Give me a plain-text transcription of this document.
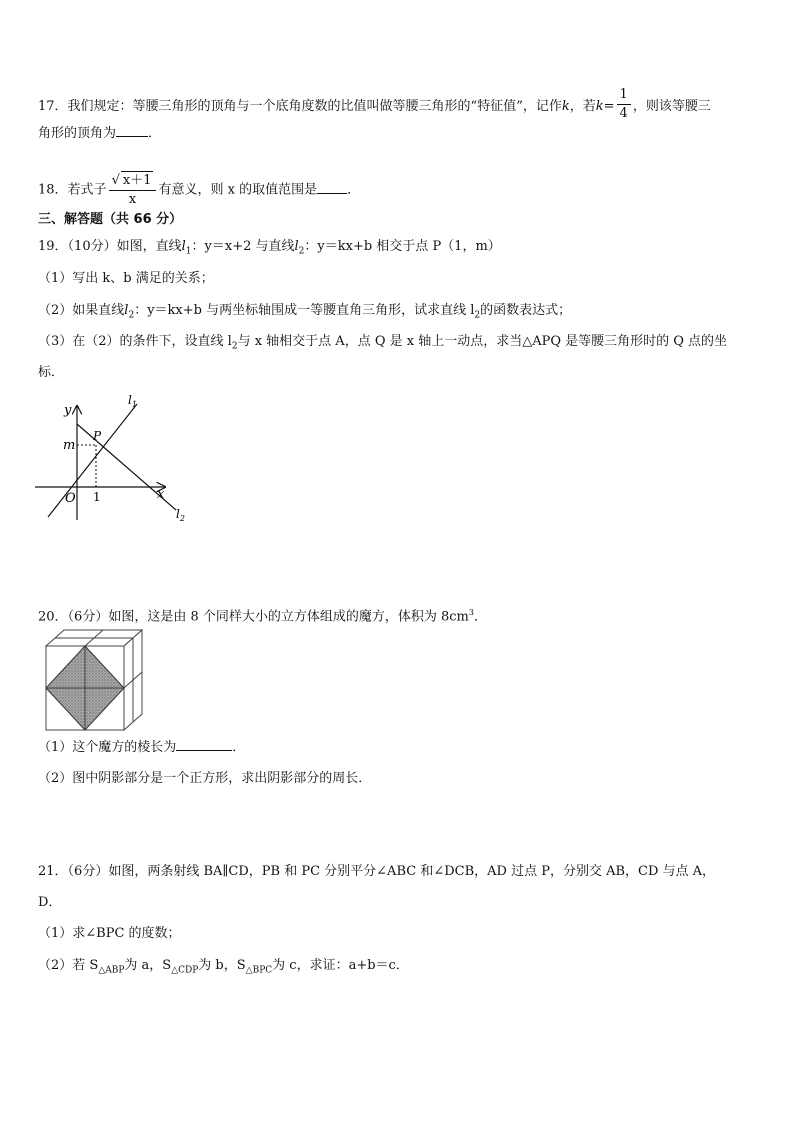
17．我们规定：等腰三角形的顶角与一个底角度数的比值叫做等腰三角形的“特征值”，记作k，若$k= \frac{1}{4}$ ，则该等腰三
角形的顶角为 ．
18．若式子 $\frac{√ x+1}{x}$ 有意义，则 x 的取值范围是 ．
三、解答题（共 66 分）
19．（10分）如图，直线$l_1$：y＝x+2 与直线$l_2$：y＝kx+b 相交于点 P（1，m）
（1）写出 k、b 满足的关系；
（2）如果直线$l_2$：y＝kx+b 与两坐标轴围成一等腰直角三角形，试求直线 $l_2$的函数表达式；
（3）在（2）的条件下，设直线 $l_2$与 x 轴相交于点 A，点 Q 是 x 轴上一动点，求当△APQ 是等腰三角形时的 Q 点的坐
标．
y
m
P
O 1	x
$l_1$
$l_2$
20．（6分）如图，这是由 8 个同样大小的立方体组成的魔方，体积为 $8cm^3$．
（1）这个魔方的棱长为	．
（2）图中阴影部分是一个正方形，求出阴影部分的周长．
21．（6分）如图，两条射线 BA∥CD，PB 和 PC 分别平分∠ABC 和∠DCB，AD 过点 P，分别交 AB，CD 与点 A，
D．
（1）求∠BPC 的度数；
（2）若 $S_{\triangle ABP}$为 a，$S_{\triangle CDP}$为 b，$S_{\triangle BPC}$为 c，求证：a+b＝c．
